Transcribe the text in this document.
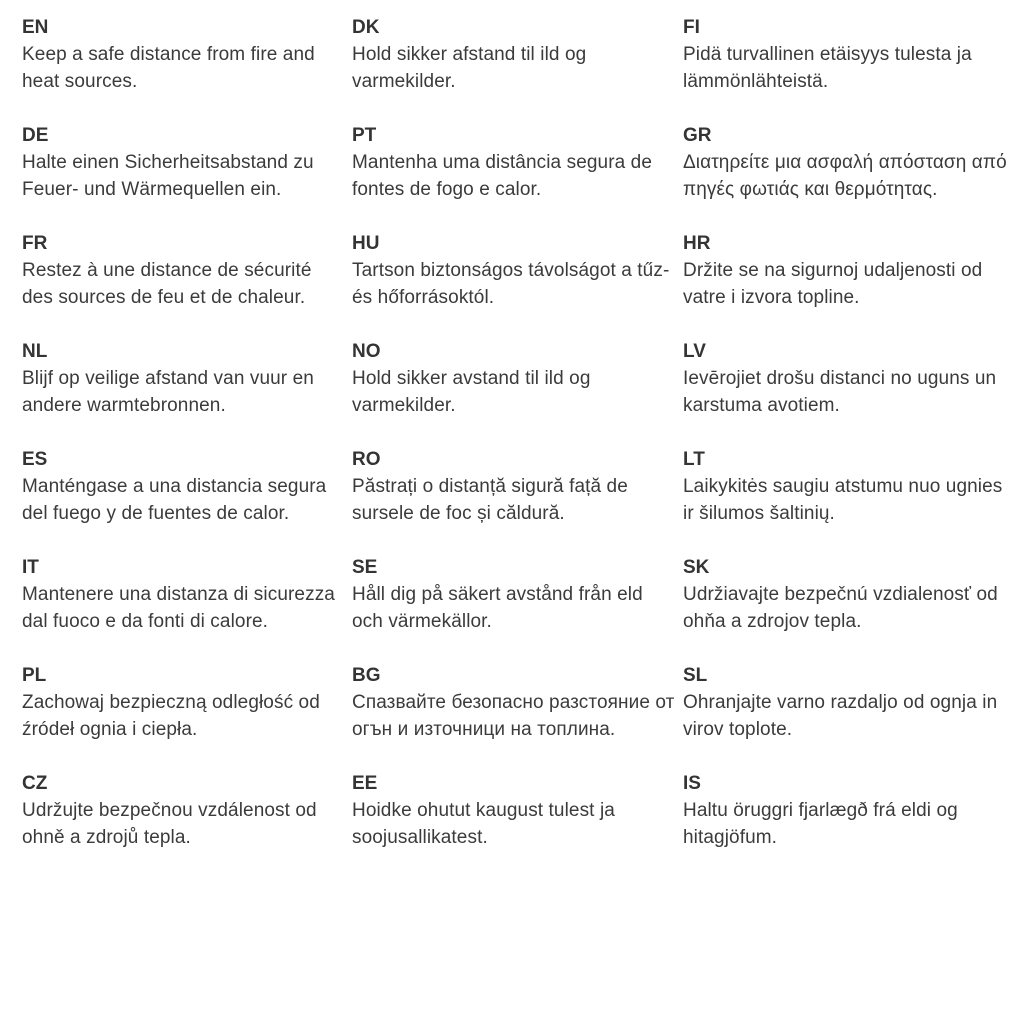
EN
Keep a safe distance from fire and heat sources.
DE
Halte einen Sicherheitsabstand zu Feuer- und Wärmequellen ein.
FR
Restez à une distance de sécurité des sources de feu et de chaleur.
NL
Blijf op veilige afstand van vuur en andere warmtebronnen.
ES
Manténgase a una distancia segura del fuego y de fuentes de calor.
IT
Mantenere una distanza di sicurezza dal fuoco e da fonti di calore.
PL
Zachowaj bezpieczną odległość od źródeł ognia i ciepła.
CZ
Udržujte bezpečnou vzdálenost od ohně a zdrojů tepla.
DK
Hold sikker afstand til ild og varmekilder.
PT
Mantenha uma distância segura de fontes de fogo e calor.
HU
Tartson biztonságos távolságot a tűz- és hőforrásoktól.
NO
Hold sikker avstand til ild og varmekilder.
RO
Păstrați o distanță sigură față de sursele de foc și căldură.
SE
Håll dig på säkert avstånd från eld och värmekällor.
BG
Спазвайте безопасно разстояние от огън и източници на топлина.
EE
Hoidke ohutut kaugust tulest ja soojusallikatest.
FI
Pidä turvallinen etäisyys tulesta ja lämmönlähteistä.
GR
Διατηρείτε μια ασφαλή απόσταση από πηγές φωτιάς και θερμότητας.
HR
Držite se na sigurnoj udaljenosti od vatre i izvora topline.
LV
Ievērojiet drošu distanci no uguns un karstuma avotiem.
LT
Laikykitės saugiu atstumu nuo ugnies ir šilumos šaltinių.
SK
Udržiavajte bezpečnú vzdialenosť od ohňa a zdrojov tepla.
SL
Ohranjajte varno razdaljo od ognja in virov toplote.
IS
Haltu öruggri fjarlægð frá eldi og hitagjöfum.
